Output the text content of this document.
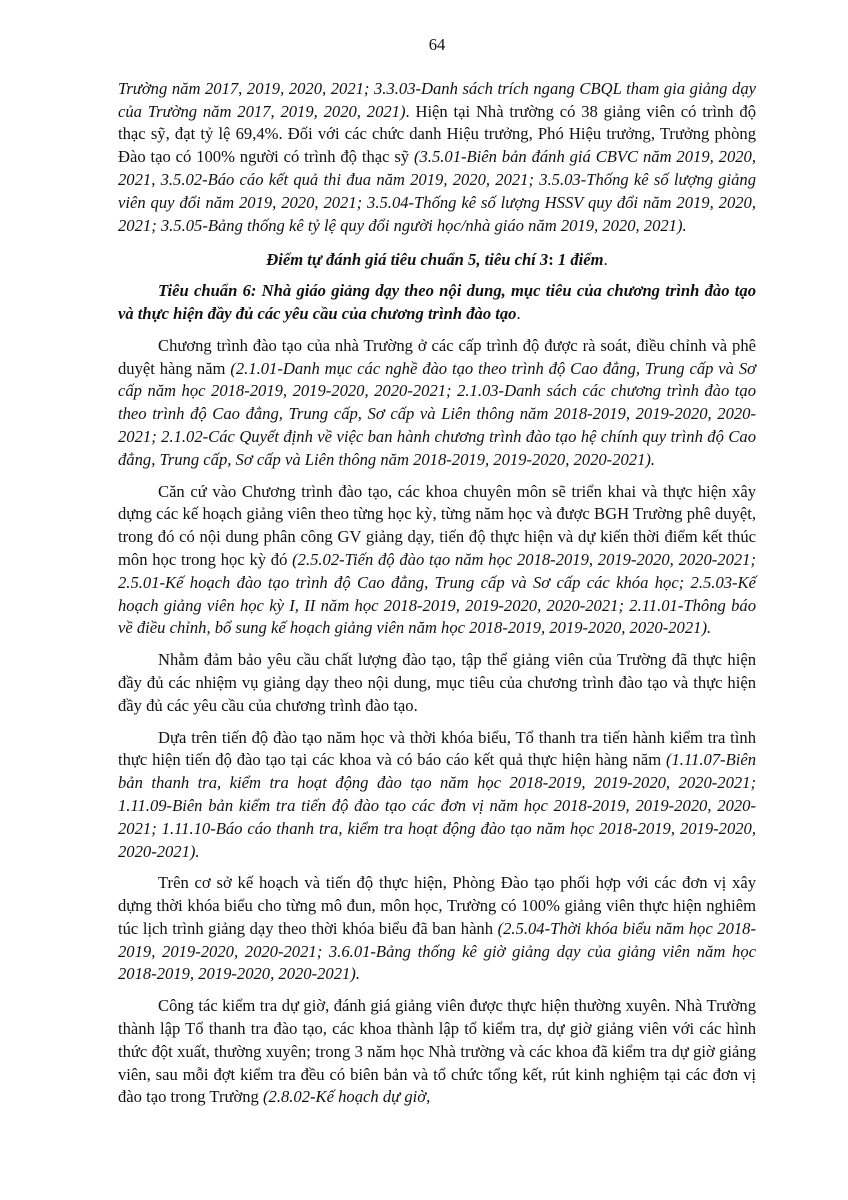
64

Trường năm 2017, 2019, 2020, 2021; 3.3.03-Danh sách trích ngang CBQL tham gia giảng dạy của Trường năm 2017, 2019, 2020, 2021). Hiện tại Nhà trường có 38 giảng viên có trình độ thạc sỹ, đạt tỷ lệ 69,4%. Đối với các chức danh Hiệu trưởng, Phó Hiệu trưởng, Trưởng phòng Đào tạo có 100% người có trình độ thạc sỹ (3.5.01-Biên bản đánh giá CBVC năm 2019, 2020, 2021, 3.5.02-Báo cáo kết quả thi đua năm 2019, 2020, 2021; 3.5.03-Thống kê số lượng giảng viên quy đổi năm 2019, 2020, 2021; 3.5.04-Thống kê số lượng HSSV quy đổi năm 2019, 2020, 2021; 3.5.05-Bảng thống kê tỷ lệ quy đổi người học/nhà giáo năm 2019, 2020, 2021).

Điểm tự đánh giá tiêu chuẩn 5, tiêu chí 3: 1 điểm.

Tiêu chuẩn 6: Nhà giáo giảng dạy theo nội dung, mục tiêu của chương trình đào tạo và thực hiện đầy đủ các yêu cầu của chương trình đào tạo.

Chương trình đào tạo của nhà Trường ở các cấp trình độ được rà soát, điều chỉnh và phê duyệt hàng năm (2.1.01-Danh mục các nghề đào tạo theo trình độ Cao đẳng, Trung cấp và Sơ cấp năm học 2018-2019, 2019-2020, 2020-2021; 2.1.03-Danh sách các chương trình đào tạo theo trình độ Cao đẳng, Trung cấp, Sơ cấp và Liên thông năm 2018-2019, 2019-2020, 2020-2021; 2.1.02-Các Quyết định về việc ban hành chương trình đào tạo hệ chính quy trình độ Cao đẳng, Trung cấp, Sơ cấp và Liên thông năm 2018-2019, 2019-2020, 2020-2021).

Căn cứ vào Chương trình đào tạo, các khoa chuyên môn sẽ triển khai và thực hiện xây dựng các kế hoạch giảng viên theo từng học kỳ, từng năm học và được BGH Trường phê duyệt, trong đó có nội dung phân công GV giảng dạy, tiến độ thực hiện và dự kiến thời điểm kết thúc môn học trong học kỳ đó (2.5.02-Tiến độ đào tạo năm học 2018-2019, 2019-2020, 2020-2021; 2.5.01-Kế hoạch đào tạo trình độ Cao đẳng, Trung cấp và Sơ cấp các khóa học; 2.5.03-Kế hoạch giảng viên học kỳ I, II năm học 2018-2019, 2019-2020, 2020-2021; 2.11.01-Thông báo về điều chỉnh, bổ sung kế hoạch giảng viên năm học 2018-2019, 2019-2020, 2020-2021).

Nhằm đảm bảo yêu cầu chất lượng đào tạo, tập thể giảng viên của Trường đã thực hiện đầy đủ các nhiệm vụ giảng dạy theo nội dung, mục tiêu của chương trình đào tạo và thực hiện đầy đủ các yêu cầu của chương trình đào tạo.

Dựa trên tiến độ đào tạo năm học và thời khóa biểu, Tổ thanh tra tiến hành kiểm tra tình thực hiện tiến độ đào tạo tại các khoa và có báo cáo kết quả thực hiện hàng năm (1.11.07-Biên bản thanh tra, kiểm tra hoạt động đào tạo năm học 2018-2019, 2019-2020, 2020-2021; 1.11.09-Biên bản kiểm tra tiến độ đào tạo các đơn vị năm học 2018-2019, 2019-2020, 2020-2021; 1.11.10-Báo cáo thanh tra, kiểm tra hoạt động đào tạo năm học 2018-2019, 2019-2020, 2020-2021).

Trên cơ sở kế hoạch và tiến độ thực hiện, Phòng Đào tạo phối hợp với các đơn vị xây dựng thời khóa biểu cho từng mô đun, môn học, Trường có 100% giảng viên thực hiện nghiêm túc lịch trình giảng dạy theo thời khóa biểu đã ban hành (2.5.04-Thời khóa biểu năm học 2018-2019, 2019-2020, 2020-2021; 3.6.01-Bảng thống kê giờ giảng dạy của giảng viên năm học 2018-2019, 2019-2020, 2020-2021).

Công tác kiểm tra dự giờ, đánh giá giảng viên được thực hiện thường xuyên. Nhà Trường thành lập Tổ thanh tra đào tạo, các khoa thành lập tổ kiểm tra, dự giờ giảng viên với các hình thức đột xuất, thường xuyên; trong 3 năm học Nhà trường và các khoa đã kiểm tra dự giờ giảng viên, sau mỗi đợt kiểm tra đều có biên bản và tổ chức tổng kết, rút kinh nghiệm tại các đơn vị đào tạo trong Trường (2.8.02-Kế hoạch dự giờ,
